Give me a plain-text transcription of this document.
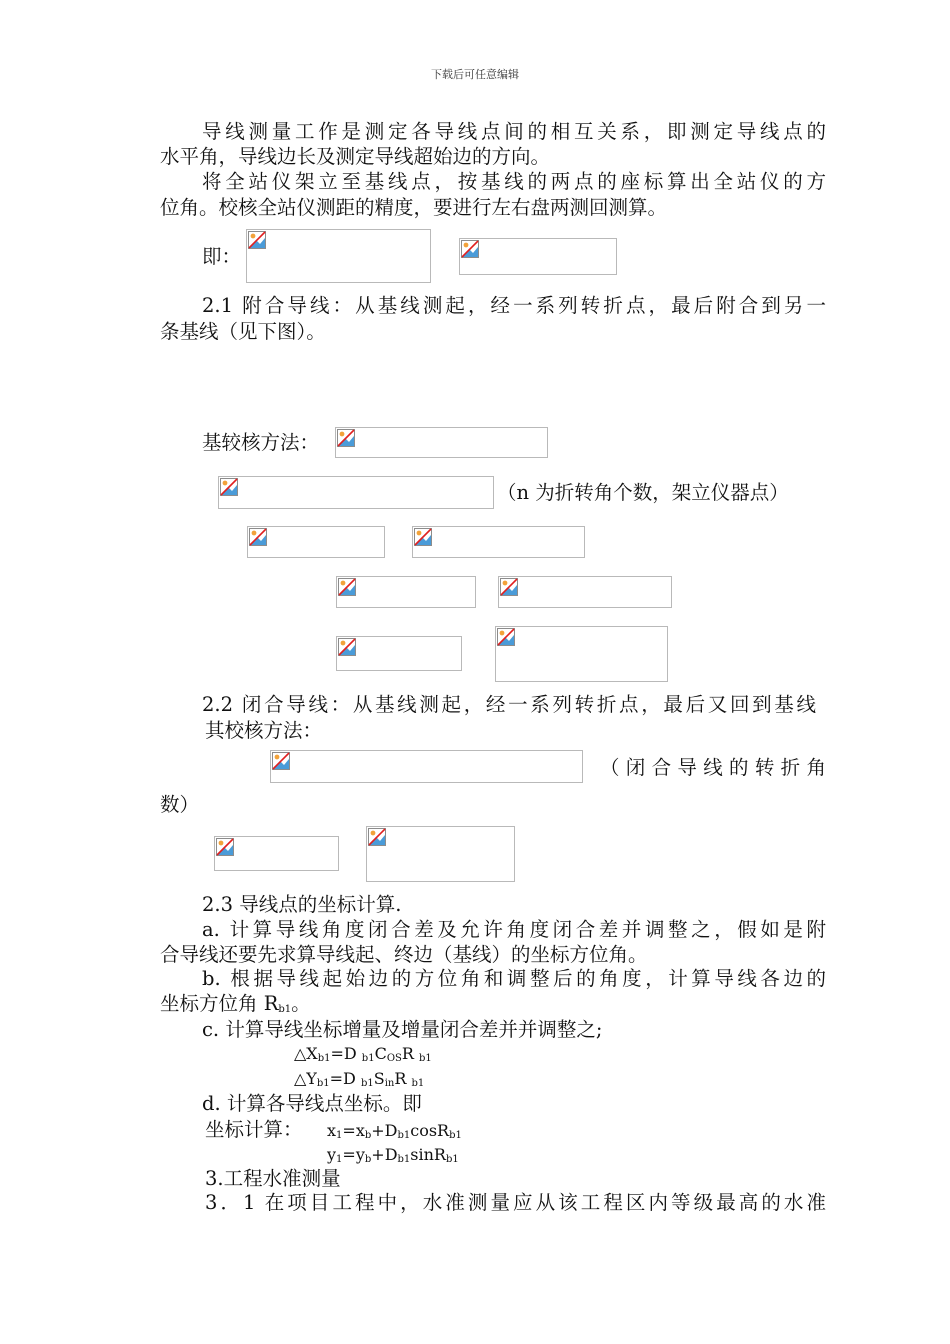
下载后可任意编辑
导线测量工作是测定各导线点间的相互关系，即测定导线点的
水平角，导线边长及测定导线超始边的方向。
将全站仪架立至基线点，按基线的两点的座标算出全站仪的方
位角。校核全站仪测距的精度，要进行左右盘两测回测算。
即：
2.1 附合导线：从基线测起，经一系列转折点，最后附合到另一
条基线（见下图）。
基较核方法：
（n 为折转角个数，架立仪器点）
2.2 闭合导线：从基线测起，经一系列转折点，最后又回到基线
其校核方法：
（闭合导线的转折角
数）
2.3 导线点的坐标计算.
a. 计算导线角度闭合差及允许角度闭合差并调整之，假如是附
合导线还要先求算导线起、终边（基线）的坐标方位角。
b. 根据导线起始边的方位角和调整后的角度，计算导线各边的
坐标方位角 $R_{b1}$。
c. 计算导线坐标增量及增量闭合差并并调整之;
$\triangle X_{b1}=D$ $_{b1}C_{OS}R$ $_{b1}$
$\triangle Y_{b1}=D$ $_{b1}S_{in}R$ $_{b1}$
d. 计算各导线点坐标。即
坐标计算： $x_1=x_b+D_{b1}\cos R_{b1}$
$y_1=y_b+D_{b1}\sin R_{b1}$
3.工程水准测量
3．1 在项目工程中，水准测量应从该工程区内等级最高的水准
